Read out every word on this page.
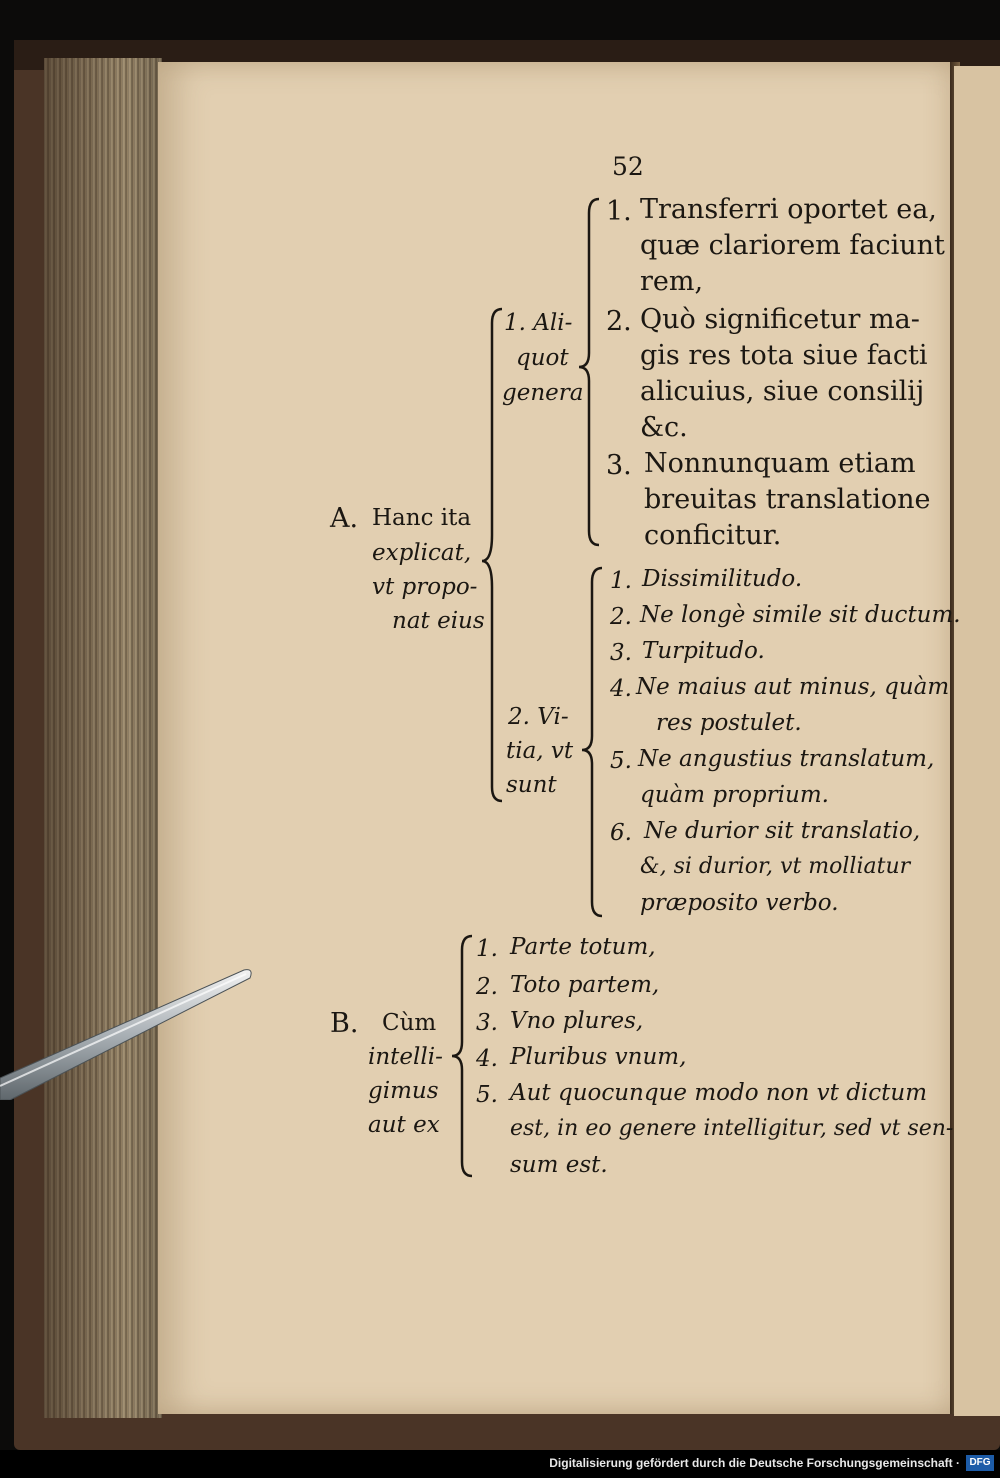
52
A. Hanc ita
explicat,
vt propo-
nat eius
1. Ali-
quot
genera
1. Transferri oportet ea,
quæ clariorem faciunt
rem,
2. Quò significetur ma-
gis res tota siue facti
alicuius, siue consilij
&c.
3. Nonnunquam etiam
breuitas translatione
conficitur.
2. Vi-
tia, vt
sunt
1. Dissimilitudo.
2. Ne longè simile sit ductum.
3. Turpitudo.
4. Ne maius aut minus, quàm
res postulet.
5. Ne angustius translatum,
quàm proprium.
6. Ne durior sit translatio,
&, si durior, vt molliatur
præposito verbo.
B. Cùm
intelli-
gimus
aut ex
1. Parte totum,
2. Toto partem,
3. Vno plures,
4. Pluribus vnum,
5. Aut quocunque modo non vt dictum
est, in eo genere intelligitur, sed vt sen-
sum est.
Digitalisierung gefördert durch die Deutsche Forschungsgemeinschaft · DFG
